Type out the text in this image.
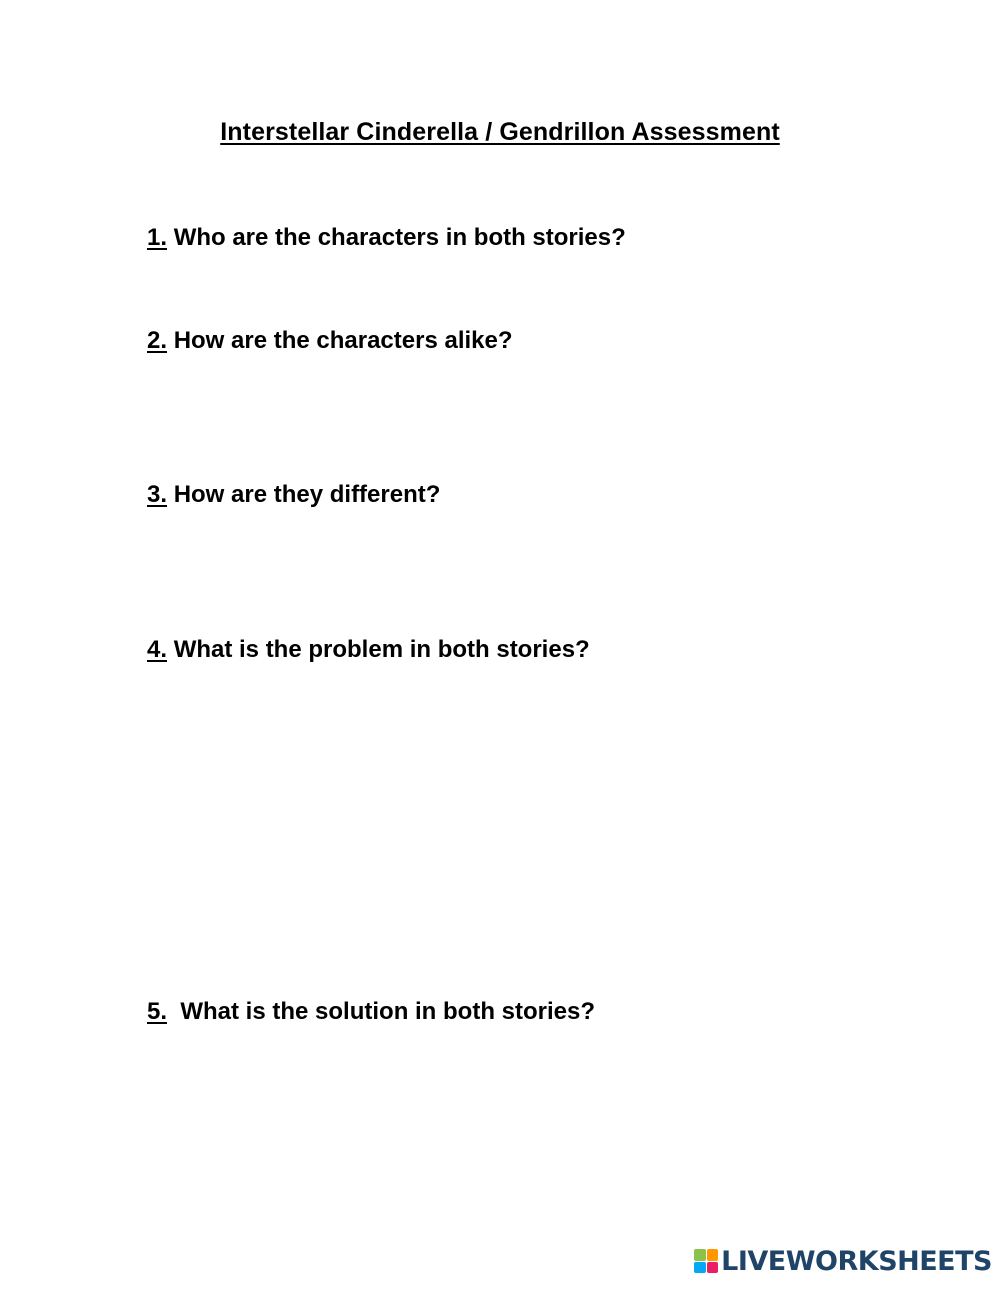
Interstellar Cinderella / Gendrillon Assessment
1. Who are the characters in both stories?
2. How are the characters alike?
3. How are they different?
4. What is the problem in both stories?
5. What is the solution in both stories?
LIVEWORKSHEETS
